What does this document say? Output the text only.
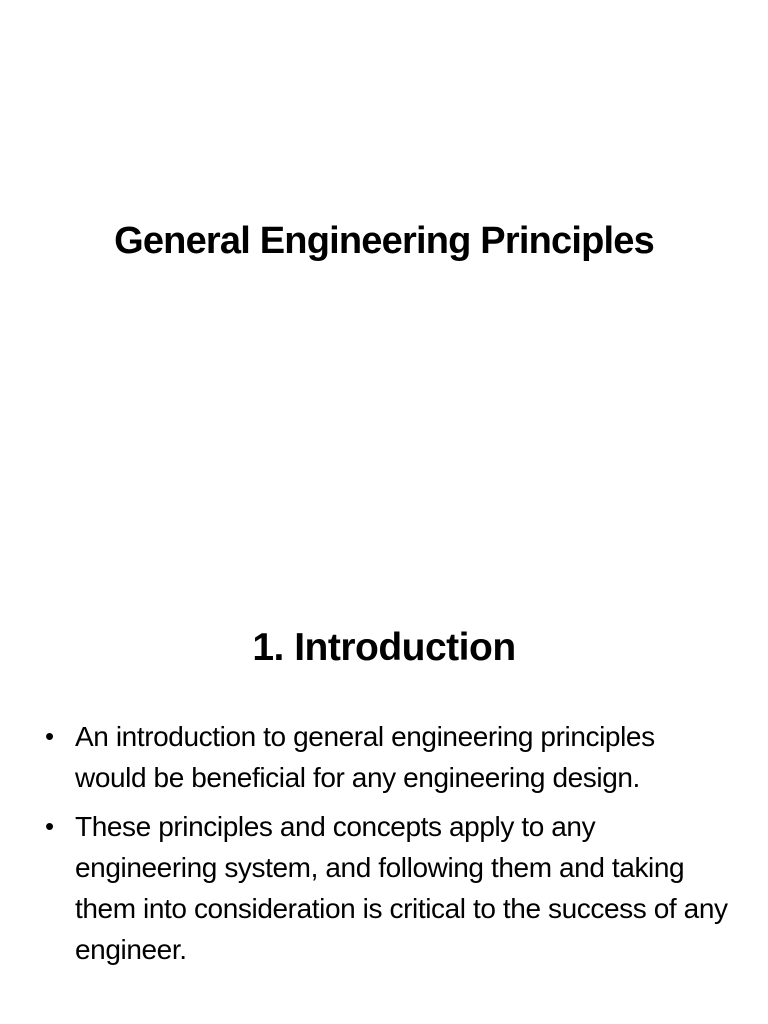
General Engineering Principles
1. Introduction
• An introduction to general engineering principles would be beneficial for any engineering design.
• These principles and concepts apply to any engineering system, and following them and taking them into consideration is critical to the success of any engineer.
